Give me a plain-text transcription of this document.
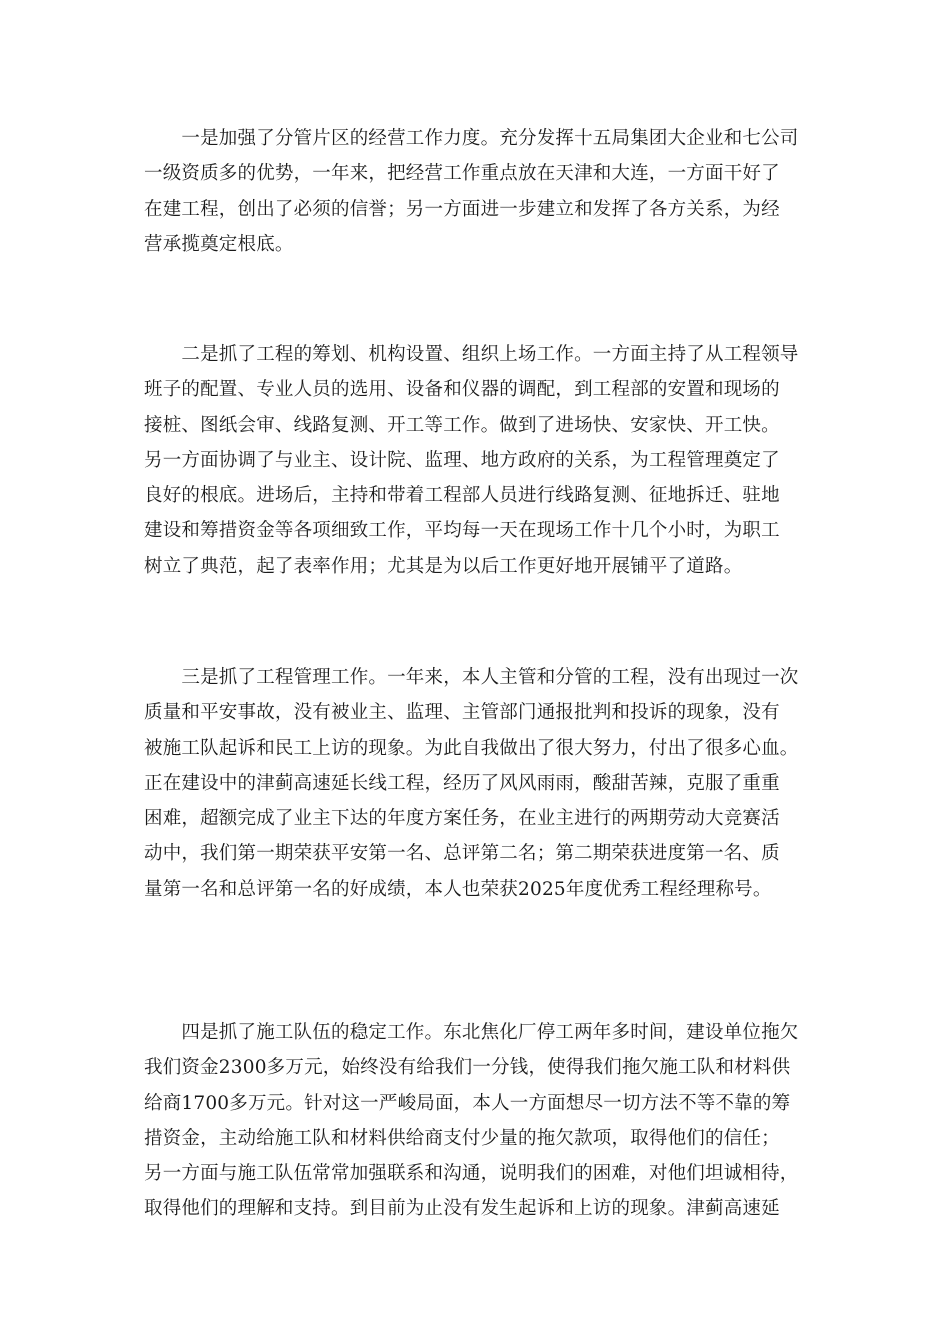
　　一是加强了分管片区的经营工作力度。充分发挥十五局集团大企业和七公司
一级资质多的优势，一年来，把经营工作重点放在天津和大连，一方面干好了
在建工程，创出了必须的信誉；另一方面进一步建立和发挥了各方关系，为经
营承揽奠定根底。

　　二是抓了工程的筹划、机构设置、组织上场工作。一方面主持了从工程领导
班子的配置、专业人员的选用、设备和仪器的调配，到工程部的安置和现场的
接桩、图纸会审、线路复测、开工等工作。做到了进场快、安家快、开工快。
另一方面协调了与业主、设计院、监理、地方政府的关系，为工程管理奠定了
良好的根底。进场后，主持和带着工程部人员进行线路复测、征地拆迁、驻地
建设和筹措资金等各项细致工作，平均每一天在现场工作十几个小时，为职工
树立了典范，起了表率作用；尤其是为以后工作更好地开展铺平了道路。

　　三是抓了工程管理工作。一年来，本人主管和分管的工程，没有出现过一次
质量和平安事故，没有被业主、监理、主管部门通报批判和投诉的现象，没有
被施工队起诉和民工上访的现象。为此自我做出了很大努力，付出了很多心血。
正在建设中的津蓟高速延长线工程，经历了风风雨雨，酸甜苦辣，克服了重重
困难，超额完成了业主下达的年度方案任务，在业主进行的两期劳动大竞赛活
动中，我们第一期荣获平安第一名、总评第二名；第二期荣获进度第一名、质
量第一名和总评第一名的好成绩，本人也荣获2025年度优秀工程经理称号。

　　四是抓了施工队伍的稳定工作。东北焦化厂停工两年多时间，建设单位拖欠
我们资金2300多万元，始终没有给我们一分钱，使得我们拖欠施工队和材料供
给商1700多万元。针对这一严峻局面，本人一方面想尽一切方法不等不靠的筹
措资金，主动给施工队和材料供给商支付少量的拖欠款项，取得他们的信任；
另一方面与施工队伍常常加强联系和沟通，说明我们的困难，对他们坦诚相待，
取得他们的理解和支持。到目前为止没有发生起诉和上访的现象。津蓟高速延
